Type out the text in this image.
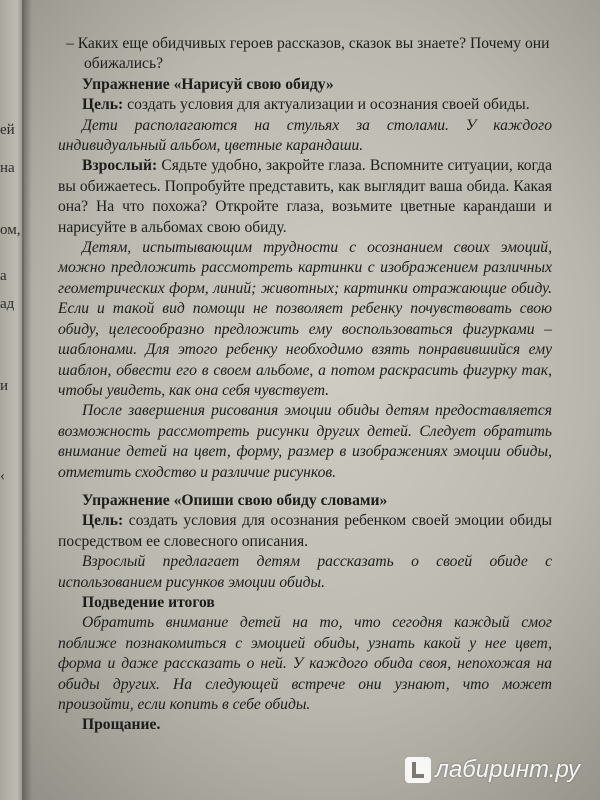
ей
на
ом,
а
ад
и
‹

– Каких еще обидчивых героев рассказов, сказок вы знаете? Почему они обижались?

Упражнение «Нарисуй свою обиду»

Цель: создать условия для актуализации и осознания своей обиды.

Дети располагаются на стульях за столами. У каждого индивидуальный альбом, цветные карандаши.

Взрослый: Сядьте удобно, закройте глаза. Вспомните ситуации, когда вы обижаетесь. Попробуйте представить, как выглядит ваша обида. Какая она? На что похожа? Откройте глаза, возьмите цветные карандаши и нарисуйте в альбомах свою обиду.

Детям, испытывающим трудности с осознанием своих эмоций, можно предложить рассмотреть картинки с изображением различных геометрических форм, линий; животных; картинки отражающие обиду. Если и такой вид помощи не позволяет ребенку почувствовать свою обиду, целесообразно предложить ему воспользоваться фигурками – шаблонами. Для этого ребенку необходимо взять понравившийся ему шаблон, обвести его в своем альбоме, а потом раскрасить фигурку так, чтобы увидеть, как она себя чувствует.

После завершения рисования эмоции обиды детям предоставляется возможность рассмотреть рисунки других детей. Следует обратить внимание детей на цвет, форму, размер в изображениях эмоции обиды, отметить сходство и различие рисунков.

Упражнение «Опиши свою обиду словами»

Цель: создать условия для осознания ребенком своей эмоции обиды посредством ее словесного описания.

Взрослый предлагает детям рассказать о своей обиде с использованием рисунков эмоции обиды.

Подведение итогов

Обратить внимание детей на то, что сегодня каждый смог поближе познакомиться с эмоцией обиды, узнать какой у нее цвет, форма и даже рассказать о ней. У каждого обида своя, непохожая на обиды других. На следующей встрече они узнают, что может произойти, если копить в себе обиды.

Прощание.

лабиринт.ру
